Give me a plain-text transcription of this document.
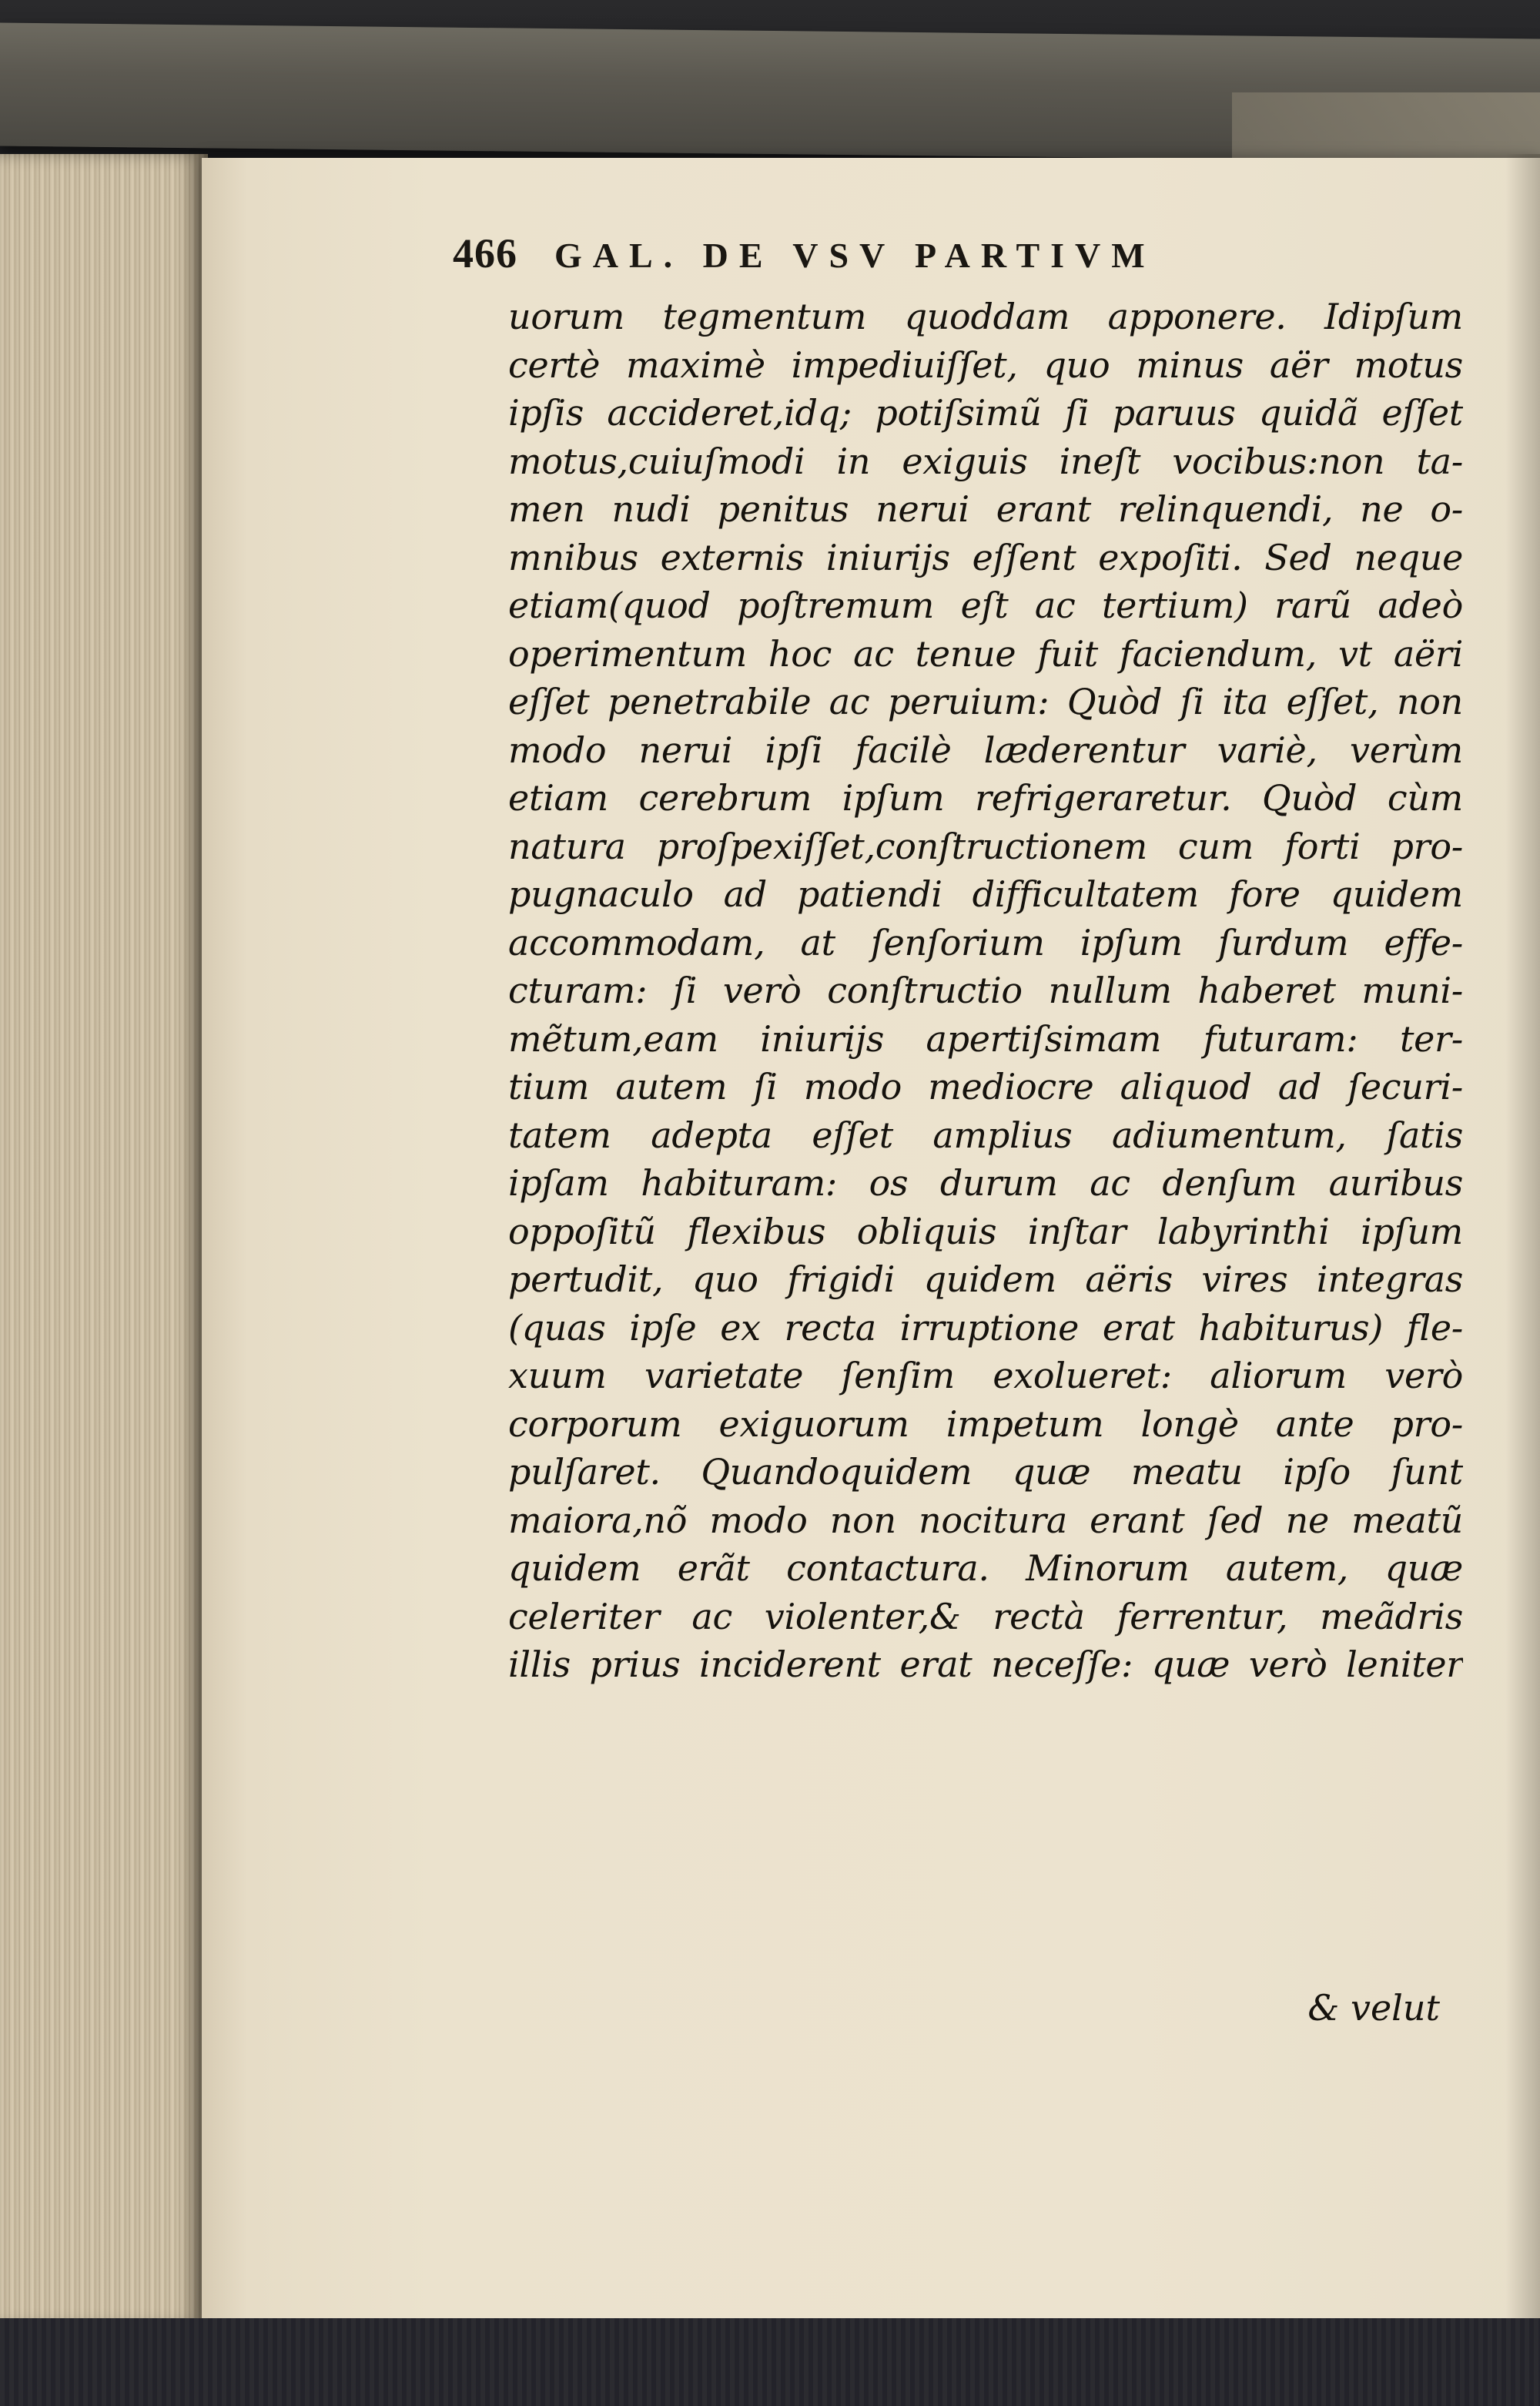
466 GAL. DE VSV PARTIVM
uorum tegmentum quoddam apponere. Idipſum
certè maximè impediuiſſet, quo minus aër motus
ipſis accideret,idq; potiſsimũ ſi paruus quidã eſſet
motus,cuiuſmodi in exiguis ineſt vocibus:non ta-
men nudi penitus nerui erant relinquendi, ne o-
mnibus externis iniurijs eſſent expoſiti. Sed neque
etiam(quod poſtremum eſt ac tertium) rarũ adeò
operimentum hoc ac tenue fuit faciendum, vt aëri
eſſet penetrabile ac peruium: Quòd ſi ita eſſet, non
modo nerui ipſi facilè læderentur variè, verùm
etiam cerebrum ipſum refrigeraretur. Quòd cùm
natura proſpexiſſet,conſtructionem cum forti pro-
pugnaculo ad patiendi difficultatem fore quidem
accommodam, at ſenſorium ipſum ſurdum effe-
cturam: ſi verò conſtructio nullum haberet muni-
mẽtum,eam iniurijs apertiſsimam futuram: ter-
tium autem ſi modo mediocre aliquod ad ſecuri-
tatem adepta eſſet amplius adiumentum, ſatis
ipſam habituram: os durum ac denſum auribus
oppoſitũ flexibus obliquis inſtar labyrinthi ipſum
pertudit, quo frigidi quidem aëris vires integras
(quas ipſe ex recta irruptione erat habiturus) fle-
xuum varietate ſenſim exolueret: aliorum verò
corporum exiguorum impetum longè ante pro-
pulſaret. Quandoquidem quæ meatu ipſo ſunt
maiora,nõ modo non nocitura erant ſed ne meatũ
quidem erãt contactura. Minorum autem, quæ
celeriter ac violenter,& rectà ferrentur, meãdris
illis prius inciderent erat neceſſe: quæ verò leniter
& velut
